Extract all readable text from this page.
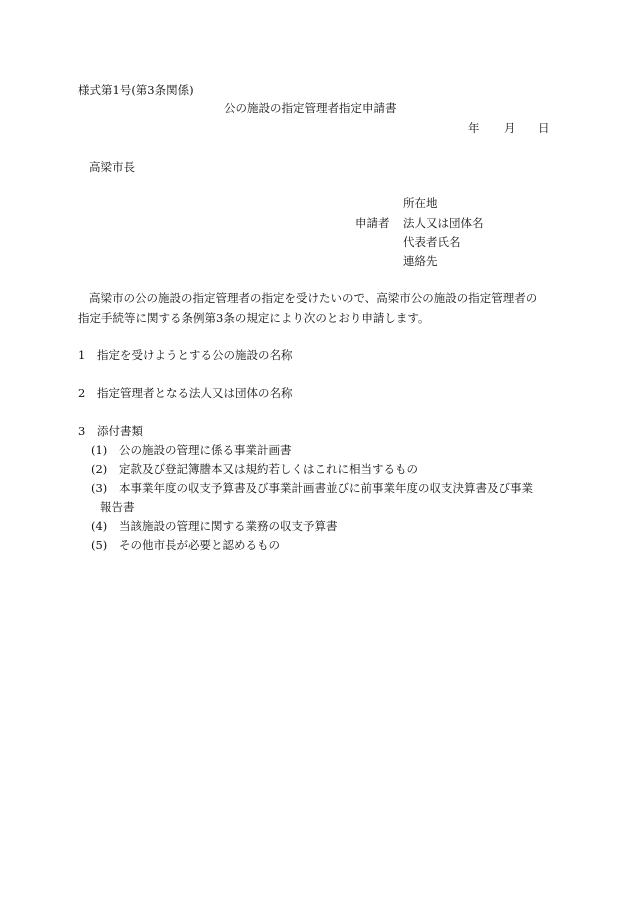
様式第1号(第3条関係)
公の施設の指定管理者指定申請書
年 月 日
高梁市長
所在地
申請者 法人又は団体名
代表者氏名
連絡先
高梁市の公の施設の指定管理者の指定を受けたいので、高梁市公の施設の指定管理者の
指定手続等に関する条例第3条の規定により次のとおり申請します。
1 指定を受けようとする公の施設の名称
2 指定管理者となる法人又は団体の名称
3 添付書類
(1) 公の施設の管理に係る事業計画書
(2) 定款及び登記簿謄本又は規約若しくはこれに相当するもの
(3) 本事業年度の収支予算書及び事業計画書並びに前事業年度の収支決算書及び事業
報告書
(4) 当該施設の管理に関する業務の収支予算書
(5) その他市長が必要と認めるもの
